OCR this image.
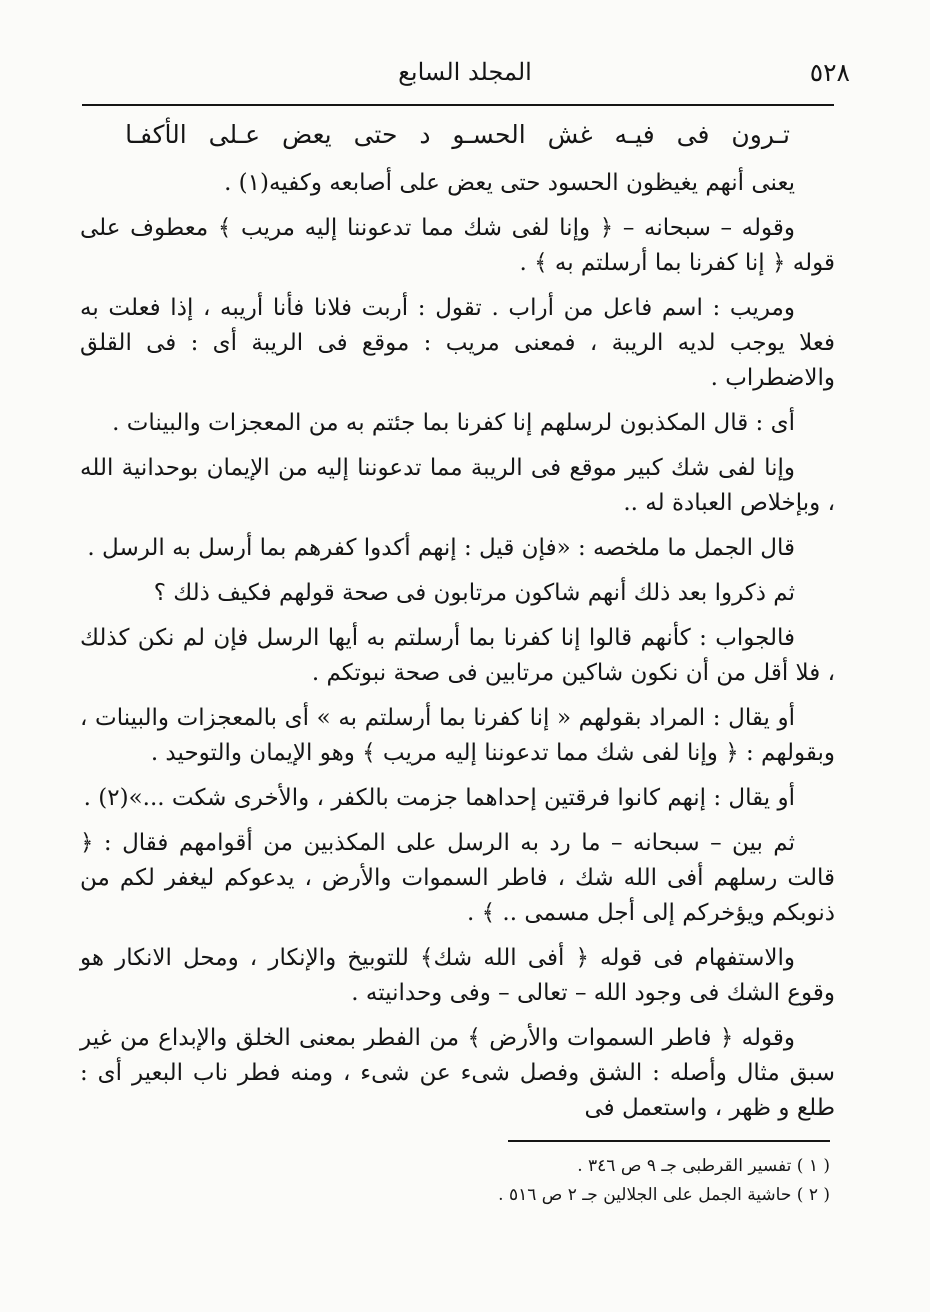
٥٢٨
المجلد السابع

تـرون فى فيـه غش الحسـو د حتى يعض عـلى الأكفـا

يعنى أنهم يغيظون الحسود حتى يعض على أصابعه وكفيه(١) .

وقوله – سبحانه – ﴿ وإنا لفى شك مما تدعوننا إليه مريب ﴾ معطوف على قوله ﴿ إنا كفرنا بما أرسلتم به ﴾ .

ومريب : اسم فاعل من أراب . تقول : أربت فلانا فأنا أريبه ، إذا فعلت به فعلا يوجب لديه الريبة ، فمعنى مريب : موقع فى الريبة أى : فى القلق والاضطراب .

أى : قال المكذبون لرسلهم إنا كفرنا بما جئتم به من المعجزات والبينات .

وإنا لفى شك كبير موقع فى الريبة مما تدعوننا إليه من الإيمان بوحدانية الله ، وبإخلاص العبادة له ..

قال الجمل ما ملخصه : «فإن قيل : إنهم أكدوا كفرهم بما أرسل به الرسل .

ثم ذكروا بعد ذلك أنهم شاكون مرتابون فى صحة قولهم فكيف ذلك ؟

فالجواب : كأنهم قالوا إنا كفرنا بما أرسلتم به أيها الرسل فإن لم نكن كذلك ، فلا أقل من أن نكون شاكين مرتابين فى صحة نبوتكم .

أو يقال : المراد بقولهم « إنا كفرنا بما أرسلتم به » أى بالمعجزات والبينات ، وبقولهم : ﴿ وإنا لفى شك مما تدعوننا إليه مريب ﴾ وهو الإيمان والتوحيد .

أو يقال : إنهم كانوا فرقتين إحداهما جزمت بالكفر ، والأخرى شكت ...»(٢) .

ثم بين – سبحانه – ما رد به الرسل على المكذبين من أقوامهم فقال : ﴿ قالت رسلهم أفى الله شك ، فاطر السموات والأرض ، يدعوكم ليغفر لكم من ذنوبكم ويؤخركم إلى أجل مسمى .. ﴾ .

والاستفهام فى قوله ﴿ أفى الله شك﴾ للتوبيخ والإنكار ، ومحل الانكار هو وقوع الشك فى وجود الله – تعالى – وفى وحدانيته .

وقوله ﴿ فاطر السموات والأرض ﴾ من الفطر بمعنى الخلق والإبداع من غير سبق مثال وأصله : الشق وفصل شىء عن شىء ، ومنه فطر ناب البعير أى : طلع و ظهر ، واستعمل فى

( ١ ) تفسير القرطبى جـ ٩ ص ٣٤٦ .

( ٢ ) حاشية الجمل على الجلالين جـ ٢ ص ٥١٦ .
